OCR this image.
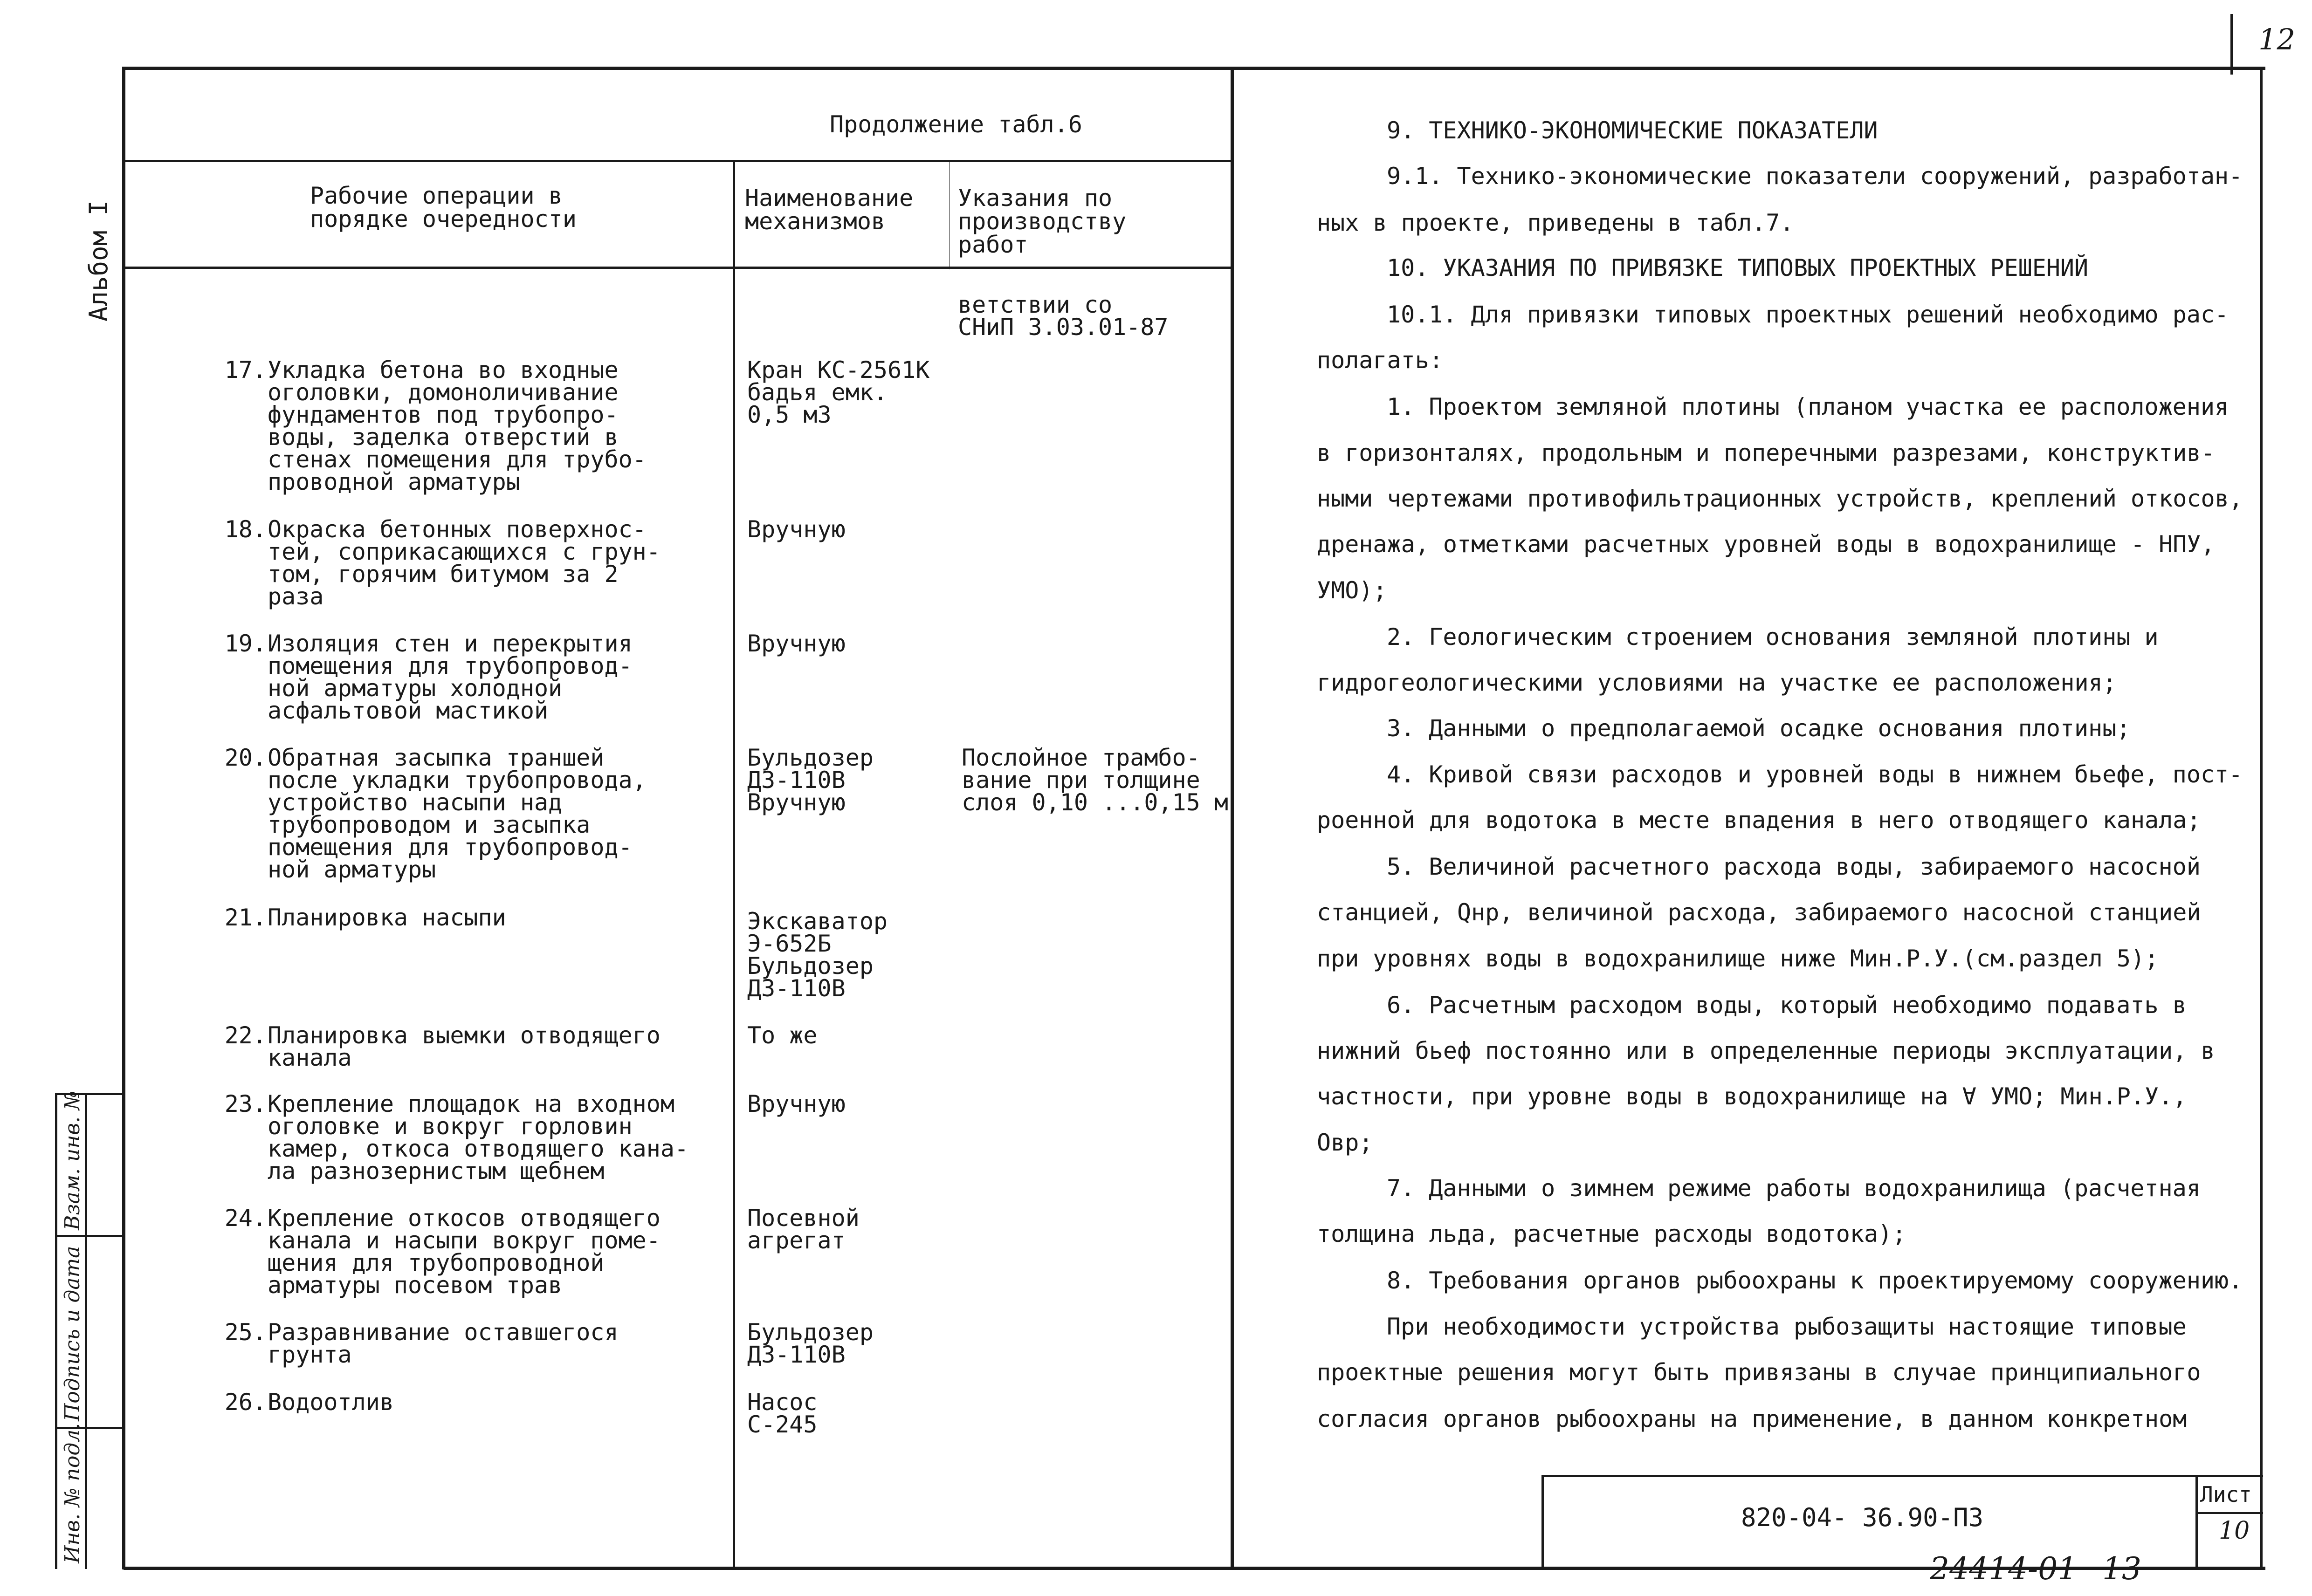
12
Альбом I
Взам. инв. №
Подпись и дата
Инв. № подл.
Продолжение табл.6
Рабочие операции в
порядке очередности
Наименование
механизмов
Указания по
производству
работ
ветствии со
СНиП 3.03.01-87
17. Укладка бетона во входные
оголовки, домоноличивание
фундаментов под трубопро-
воды, заделка отверстий в
стенах помещения для трубо-
проводной арматуры
Кран КС-2561К
бадья емк.
0,5 м3
18. Окраска бетонных поверхнос-
тей, соприкасающихся с грун-
том, горячим битумом за 2
раза
Вручную
19. Изоляция стен и перекрытия
помещения для трубопровод-
ной арматуры холодной
асфальтовой мастикой
Вручную
20. Обратная засыпка траншей
после укладки трубопровода,
устройство насыпи над
трубопроводом и засыпка
помещения для трубопровод-
ной арматуры
Бульдозер
ДЗ-110В
Вручную
Послойное трамбо-
вание при толщине
слоя 0,10 ...0,15 м
21. Планировка насыпи	Экскаватор
Э-652Б
Бульдозер
ДЗ-110В
22. Планировка выемки отводящего
канала
То же
23. Крепление площадок на входном
оголовке и вокруг горловин
камер, откоса отводящего кана-
ла разнозернистым щебнем
Вручную
24. Крепление откосов отводящего
канала и насыпи вокруг поме-
щения для трубопроводной
арматуры посевом трав
Посевной
агрегат
25. Разравнивание оставшегося
грунта
Бульдозер
ДЗ-110В
26. Водоотлив	Насос
С-245
9. ТЕХНИКО-ЭКОНОМИЧЕСКИЕ ПОКАЗАТЕЛИ
9.1. Технико-экономические показатели сооружений, разработан-
ных в проекте, приведены в табл.7.
10. УКАЗАНИЯ ПО ПРИВЯЗКЕ ТИПОВЫХ ПРОЕКТНЫХ РЕШЕНИЙ
10.1. Для привязки типовых проектных решений необходимо рас-
полагать:
1. Проектом земляной плотины (планом участка ее расположения
в горизонталях, продольным и поперечными разрезами, конструктив-
ными чертежами противофильтрационных устройств, креплений откосов,
дренажа, отметками расчетных уровней воды в водохранилище - НПУ,
УМО);
2. Геологическим строением основания земляной плотины и
гидрогеологическими условиями на участке ее расположения;
3. Данными о предполагаемой осадке основания плотины;
4. Кривой связи расходов и уровней воды в нижнем бьефе, пост-
роенной для водотока в месте впадения в него отводящего канала;
5. Величиной расчетного расхода воды, забираемого насосной
станцией, Qнр, величиной расхода, забираемого насосной станцией
при уровнях воды в водохранилище ниже Мин.Р.У.(см.раздел 5);
6. Расчетным расходом воды, который необходимо подавать в
нижний бьеф постоянно или в определенные периоды эксплуатации, в
частности, при уровне воды в водохранилище на ∀ УМО; Мин.Р.У.,
Овр;
7. Данными о зимнем режиме работы водохранилища (расчетная
толщина льда, расчетные расходы водотока);
8. Требования органов рыбоохраны к проектируемому сооружению.
При необходимости устройства рыбозащиты настоящие типовые
проектные решения могут быть привязаны в случае принципиального
согласия органов рыбоохраны на применение, в данном конкретном
820-04- 36.90-ПЗ
Лист
10
24414-01 13
